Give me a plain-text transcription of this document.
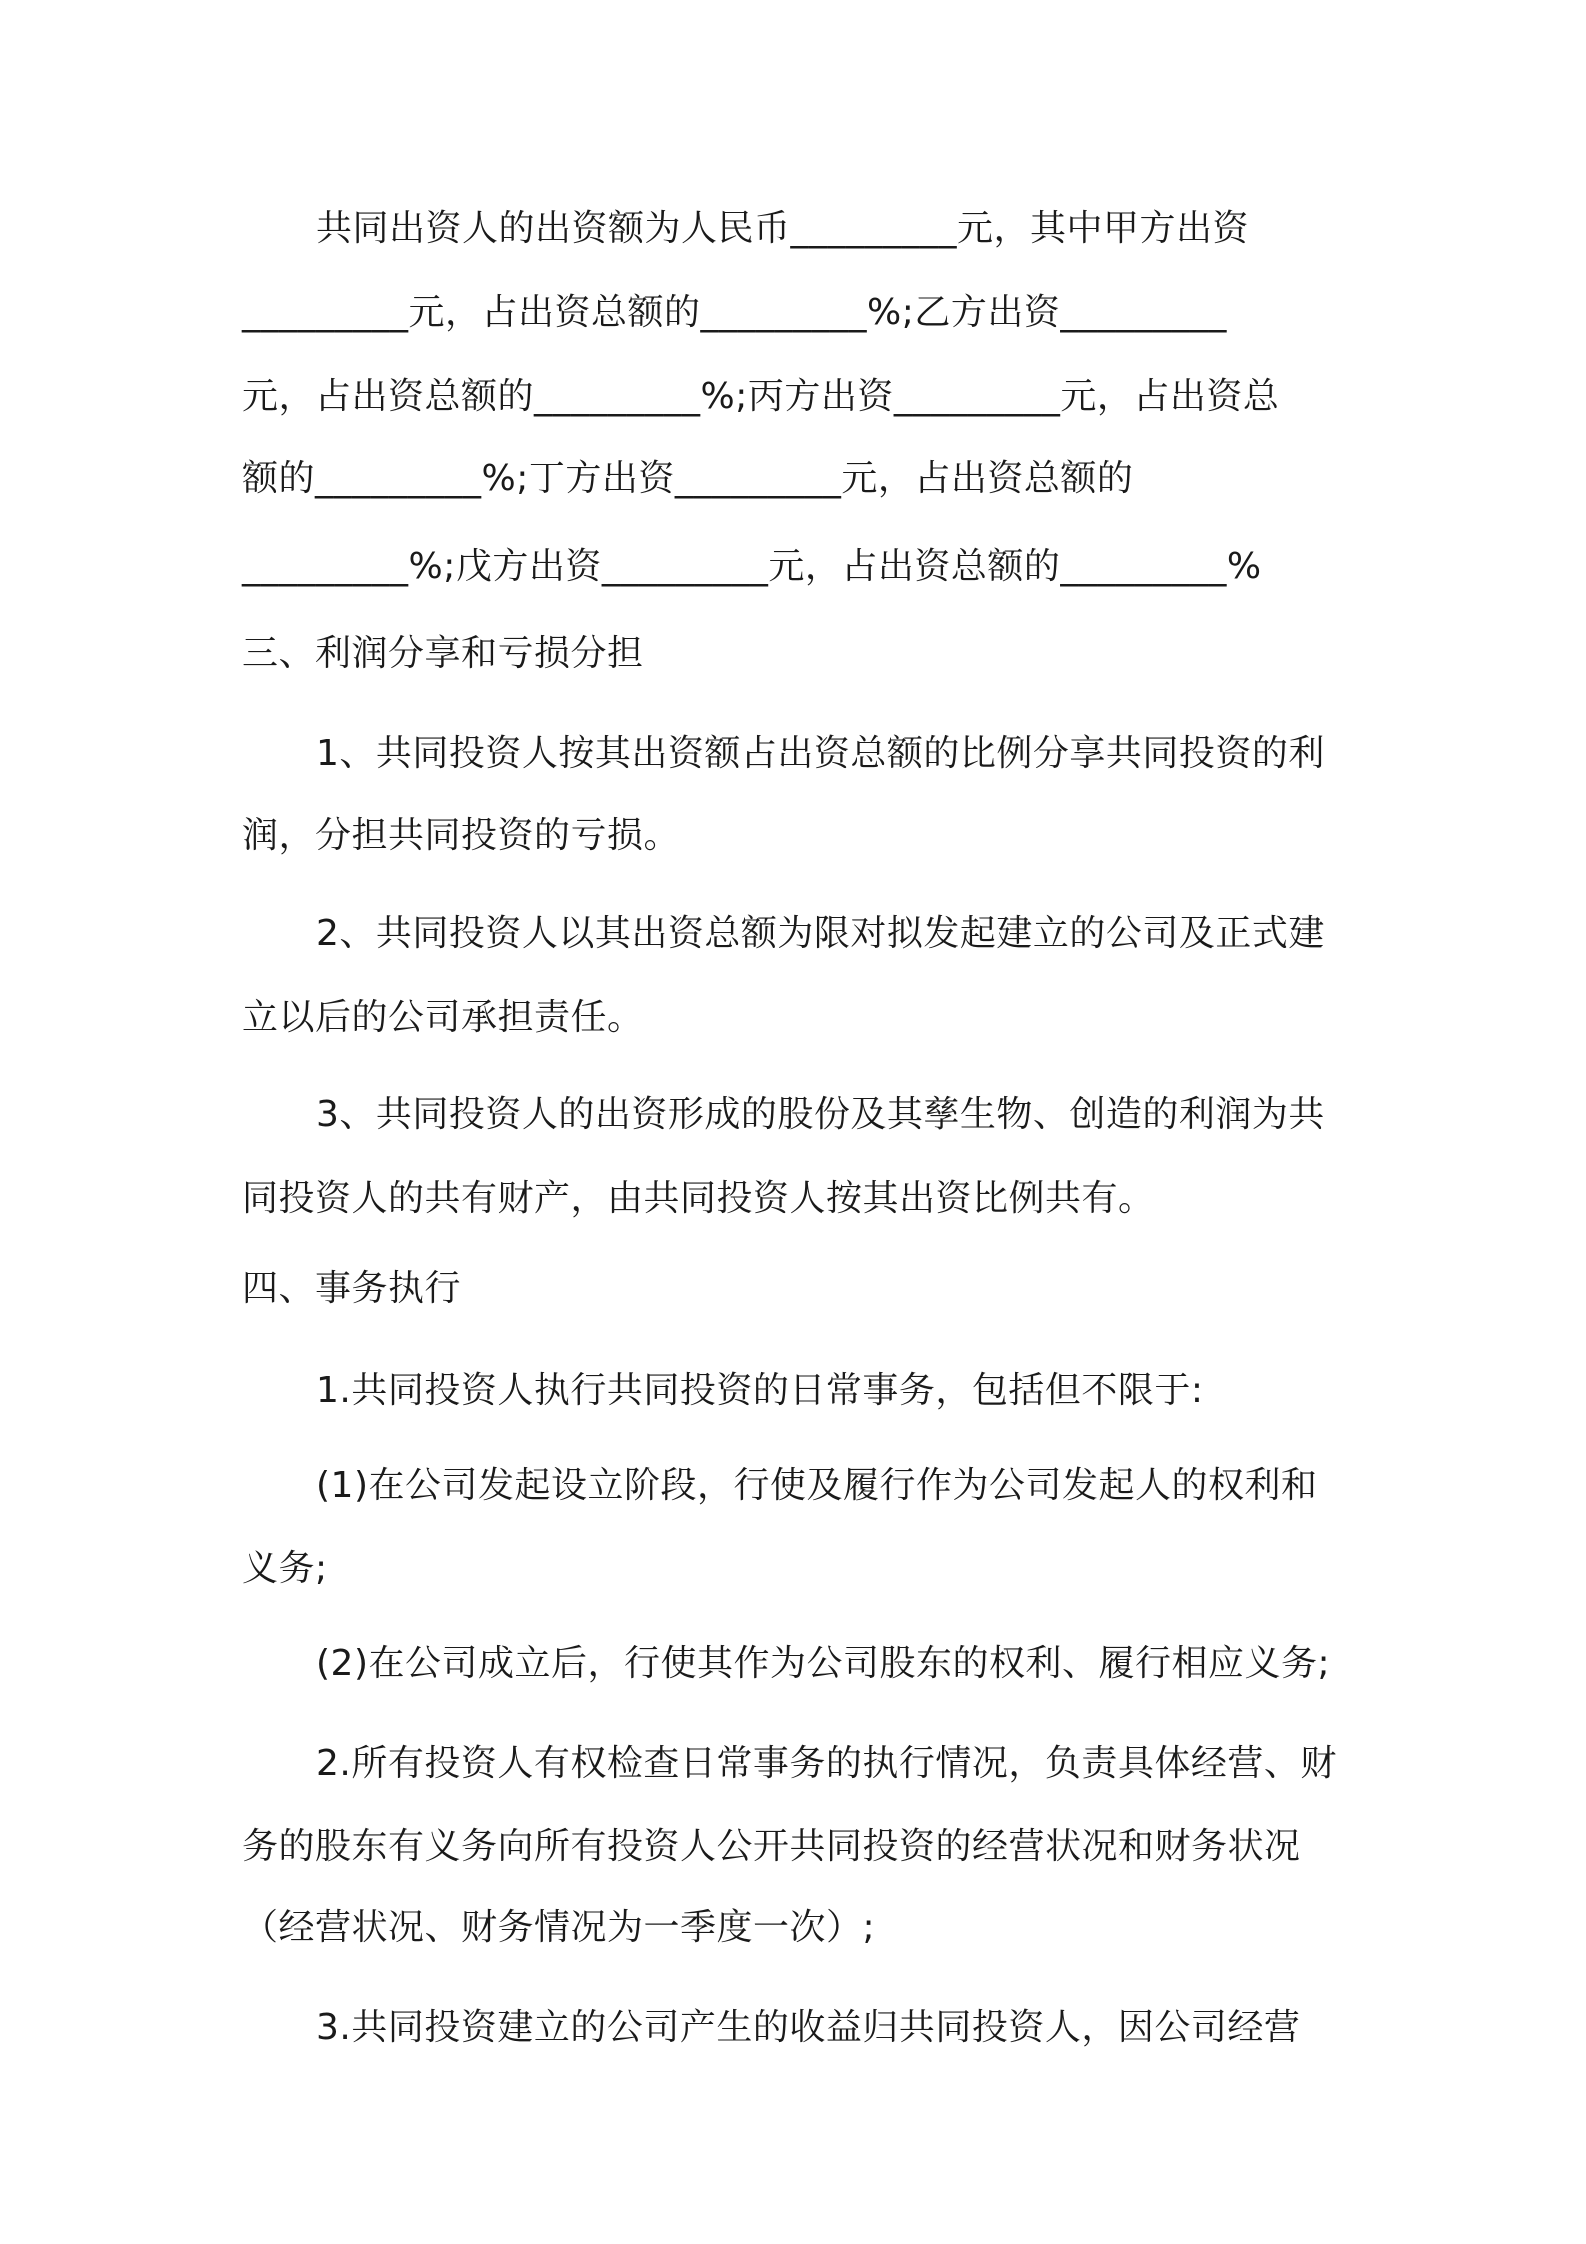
共同出资人的出资额为人民币_________元，其中甲方出资
_________元，占出资总额的_________%;乙方出资_________
元，占出资总额的_________%;丙方出资_________元，占出资总
额的_________%;丁方出资_________元，占出资总额的
_________%;戊方出资_________元，占出资总额的_________%
三、利润分享和亏损分担
1、共同投资人按其出资额占出资总额的比例分享共同投资的利
润，分担共同投资的亏损。
2、共同投资人以其出资总额为限对拟发起建立的公司及正式建
立以后的公司承担责任。
3、共同投资人的出资形成的股份及其孳生物、创造的利润为共
同投资人的共有财产，由共同投资人按其出资比例共有。
四、事务执行
1.共同投资人执行共同投资的日常事务，包括但不限于:
(1)在公司发起设立阶段，行使及履行作为公司发起人的权利和
义务;
(2)在公司成立后，行使其作为公司股东的权利、履行相应义务;
2.所有投资人有权检查日常事务的执行情况，负责具体经营、财
务的股东有义务向所有投资人公开共同投资的经营状况和财务状况
（经营状况、财务情况为一季度一次）;
3.共同投资建立的公司产生的收益归共同投资人，因公司经营
